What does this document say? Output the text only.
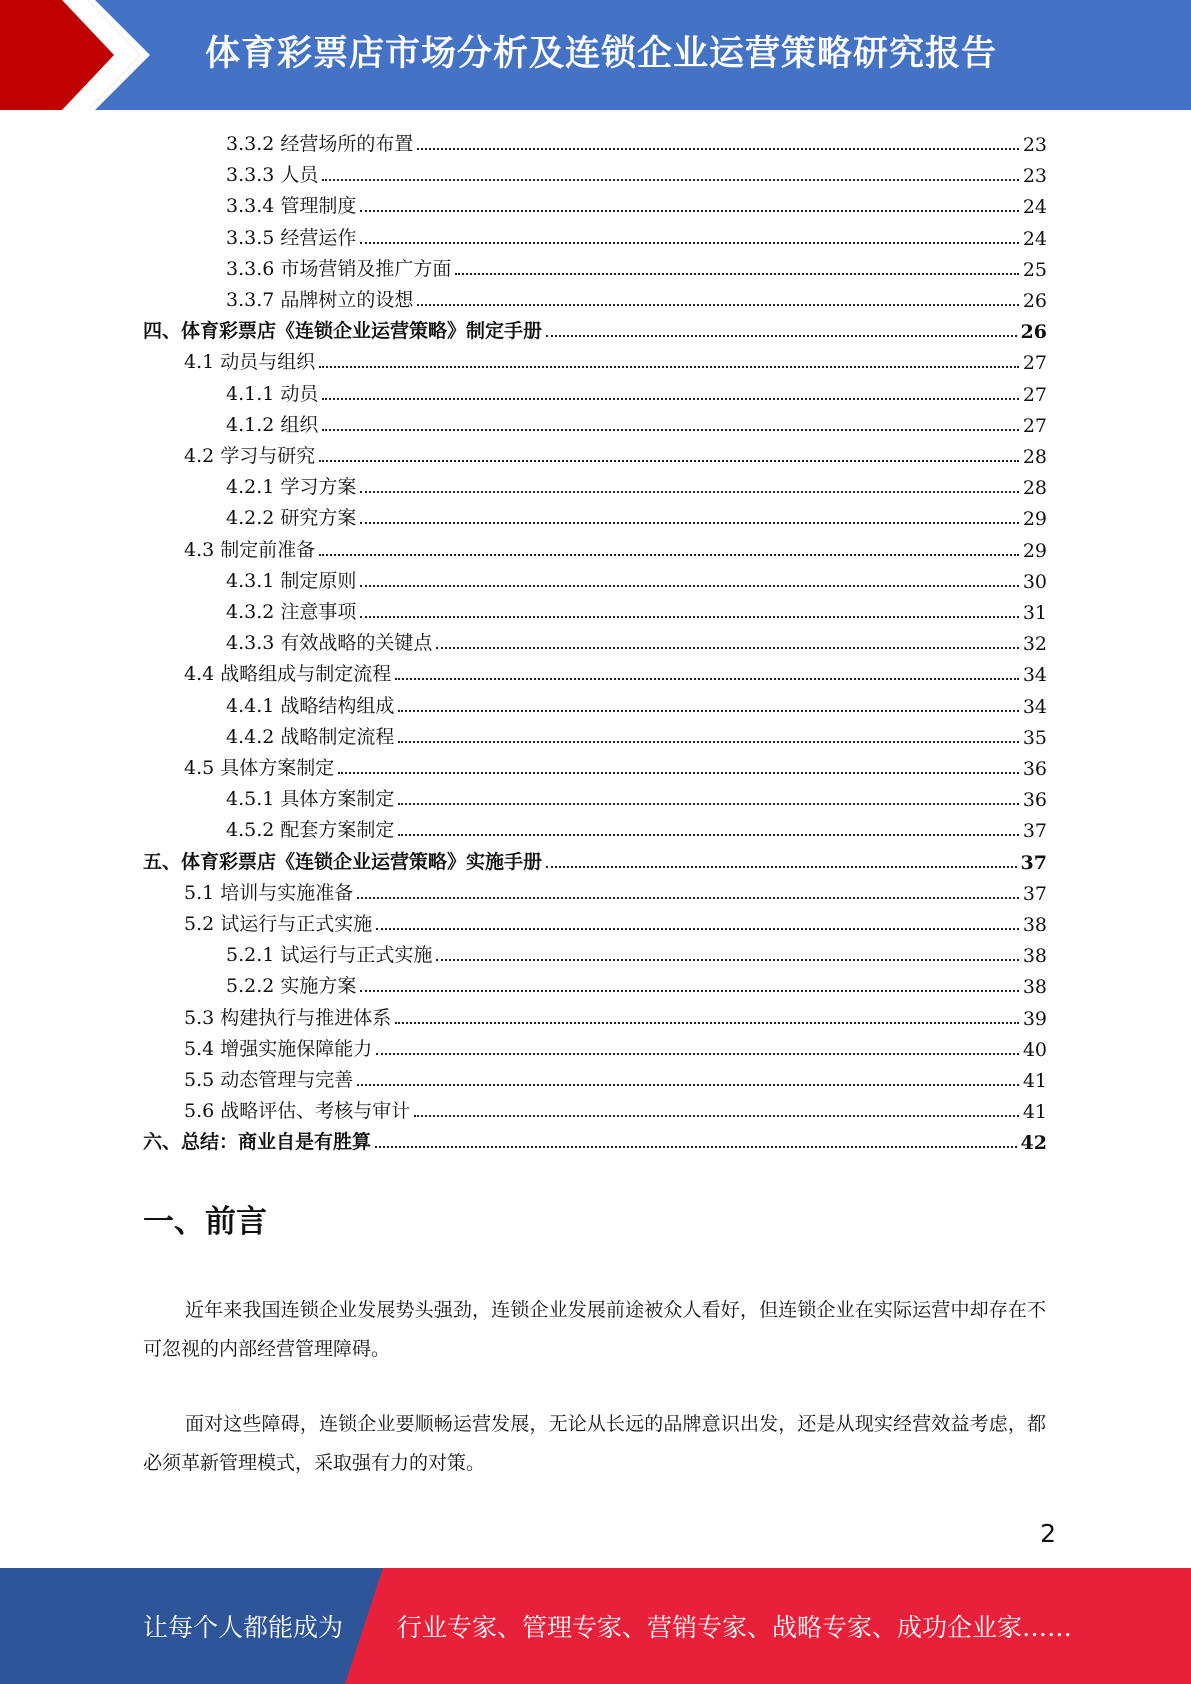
体育彩票店市场分析及连锁企业运营策略研究报告
3.3.2 经营场所的布置	23
3.3.3 人员	23
3.3.4 管理制度	24
3.3.5 经营运作	24
3.3.6 市场营销及推广方面	25
3.3.7 品牌树立的设想	26
四、体育彩票店《连锁企业运营策略》制定手册	26
4.1 动员与组织	27
4.1.1 动员	27
4.1.2 组织	27
4.2 学习与研究	28
4.2.1 学习方案	28
4.2.2 研究方案	29
4.3 制定前准备	29
4.3.1 制定原则	30
4.3.2 注意事项	31
4.3.3 有效战略的关键点	32
4.4 战略组成与制定流程	34
4.4.1 战略结构组成	34
4.4.2 战略制定流程	35
4.5 具体方案制定	36
4.5.1 具体方案制定	36
4.5.2 配套方案制定	37
五、体育彩票店《连锁企业运营策略》实施手册	37
5.1 培训与实施准备	37
5.2 试运行与正式实施	38
5.2.1 试运行与正式实施	38
5.2.2 实施方案	38
5.3 构建执行与推进体系	39
5.4 增强实施保障能力	40
5.5 动态管理与完善	41
5.6 战略评估、考核与审计	41
六、总结：商业自是有胜算	42
一、前言

近年来我国连锁企业发展势头强劲，连锁企业发展前途被众人看好，但连锁企业在实际运营中却存在不可忽视的内部经营管理障碍。

面对这些障碍，连锁企业要顺畅运营发展，无论从长远的品牌意识出发，还是从现实经营效益考虑，都必须革新管理模式，采取强有力的对策。

2
让每个人都能成为 行业专家、管理专家、营销专家、战略专家、成功企业家……
